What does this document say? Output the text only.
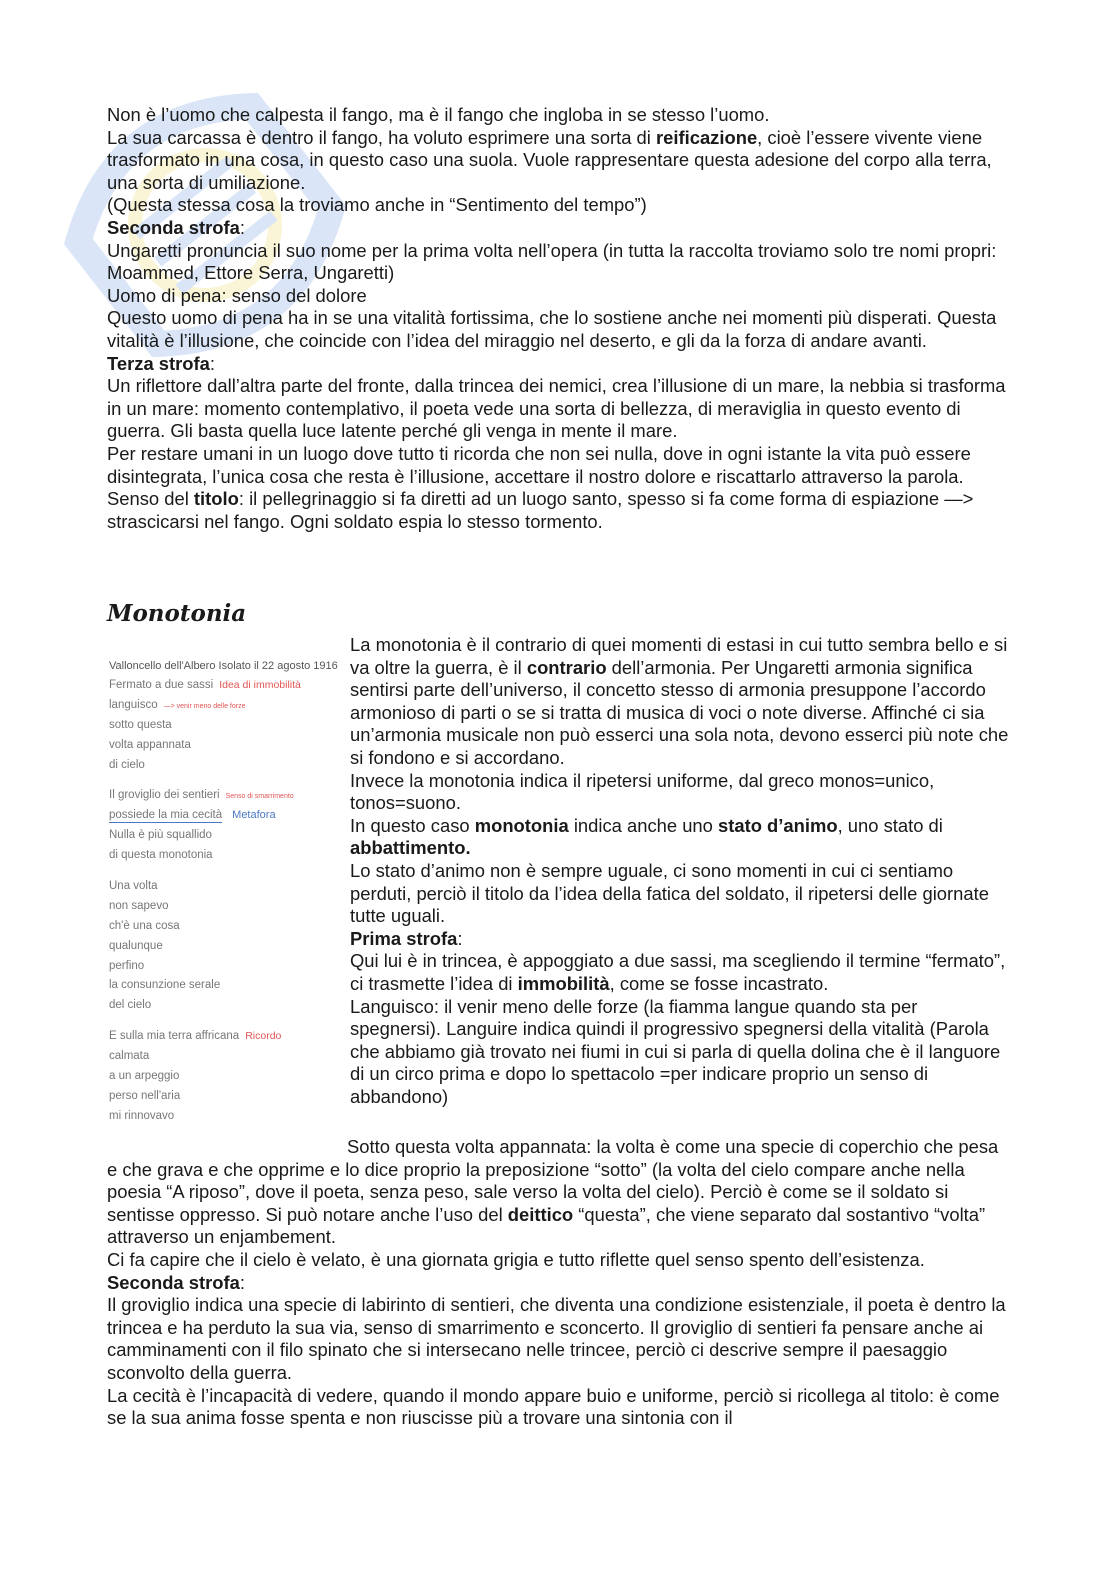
Non è l’uomo che calpesta il fango, ma è il fango che ingloba in se stesso l’uomo.

La sua carcassa è dentro il fango, ha voluto esprimere una sorta di reificazione, cioè l’essere vivente viene trasformato in una cosa, in questo caso una suola. Vuole rappresentare questa adesione del corpo alla terra, una sorta di umiliazione.

(Questa stessa cosa la troviamo anche in “Sentimento del tempo”)

Seconda strofa:

Ungaretti pronuncia il suo nome per la prima volta nell’opera (in tutta la raccolta troviamo solo tre nomi propri: Moammed, Ettore Serra, Ungaretti)

Uomo di pena: senso del dolore

Questo uomo di pena ha in se una vitalità fortissima, che lo sostiene anche nei momenti più disperati. Questa vitalità è l’illusione, che coincide con l’idea del miraggio nel deserto, e gli da la forza di andare avanti.

Terza strofa:

Un riflettore dall’altra parte del fronte, dalla trincea dei nemici, crea l’illusione di un mare, la nebbia si trasforma in un mare: momento contemplativo, il poeta vede una sorta di bellezza, di meraviglia in questo evento di guerra. Gli basta quella luce latente perché gli venga in mente il mare.

Per restare umani in un luogo dove tutto ti ricorda che non sei nulla, dove in ogni istante la vita può essere disintegrata, l’unica cosa che resta è l’illusione, accettare il nostro dolore e riscattarlo attraverso la parola.

Senso del titolo: il pellegrinaggio si fa diretti ad un luogo santo, spesso si fa come forma di espiazione —> strascicarsi nel fango. Ogni soldato espia lo stesso tormento.

Monotonia
Valloncello dell'Albero Isolato il 22 agosto 1916
Fermato a due sassi Idea di immobilità
languisco —> venir meno delle forze
sotto questa
volta appannata
di cielo
Il groviglio dei sentieri Senso di smarrimento
possiede la mia cecità Metafora
Nulla è più squallido
di questa monotonia
Una volta
non sapevo
ch'è una cosa
qualunque
perfino
la consunzione serale
del cielo
E sulla mia terra affricana Ricordo
calmata
a un arpeggio
perso nell'aria
mi rinnovavo

La monotonia è il contrario di quei momenti di estasi in cui tutto sembra bello e si va oltre la guerra, è il contrario dell’armonia. Per Ungaretti armonia significa sentirsi parte dell’universo, il concetto stesso di armonia presuppone l’accordo armonioso di parti o se si tratta di musica di voci o note diverse. Affinché ci sia un’armonia musicale non può esserci una sola nota, devono esserci più note che si fondono e si accordano.

Invece la monotonia indica il ripetersi uniforme, dal greco monos=unico, tonos=suono.

In questo caso monotonia indica anche uno stato d’animo, uno stato di abbattimento.

Lo stato d’animo non è sempre uguale, ci sono momenti in cui ci sentiamo perduti, perciò il titolo da l’idea della fatica del soldato, il ripetersi delle giornate tutte uguali.

Prima strofa:

Qui lui è in trincea, è appoggiato a due sassi, ma scegliendo il termine “fermato”, ci trasmette l’idea di immobilità, come se fosse incastrato.

Languisco: il venir meno delle forze (la fiamma langue quando sta per spegnersi). Languire indica quindi il progressivo spegnersi della vitalità (Parola che abbiamo già trovato nei fiumi in cui si parla di quella dolina che è il languore di un circo prima e dopo lo spettacolo =per indicare proprio un senso di abbandono)

Sotto questa volta appannata: la volta è come una specie di coperchio che pesa e che grava e che opprime e lo dice proprio la preposizione “sotto” (la volta del cielo compare anche nella poesia “A riposo”, dove il poeta, senza peso, sale verso la volta del cielo). Perciò è come se il soldato si sentisse oppresso. Si può notare anche l’uso del deittico “questa”, che viene separato dal sostantivo “volta” attraverso un enjambement.

Ci fa capire che il cielo è velato, è una giornata grigia e tutto riflette quel senso spento dell’esistenza.

Seconda strofa:

Il groviglio indica una specie di labirinto di sentieri, che diventa una condizione esistenziale, il poeta è dentro la trincea e ha perduto la sua via, senso di smarrimento e sconcerto. Il groviglio di sentieri fa pensare anche ai camminamenti con il filo spinato che si intersecano nelle trincee, perciò ci descrive sempre il paesaggio sconvolto della guerra.

La cecità è l’incapacità di vedere, quando il mondo appare buio e uniforme, perciò si ricollega al titolo: è come se la sua anima fosse spenta e non riuscisse più a trovare una sintonia con il
